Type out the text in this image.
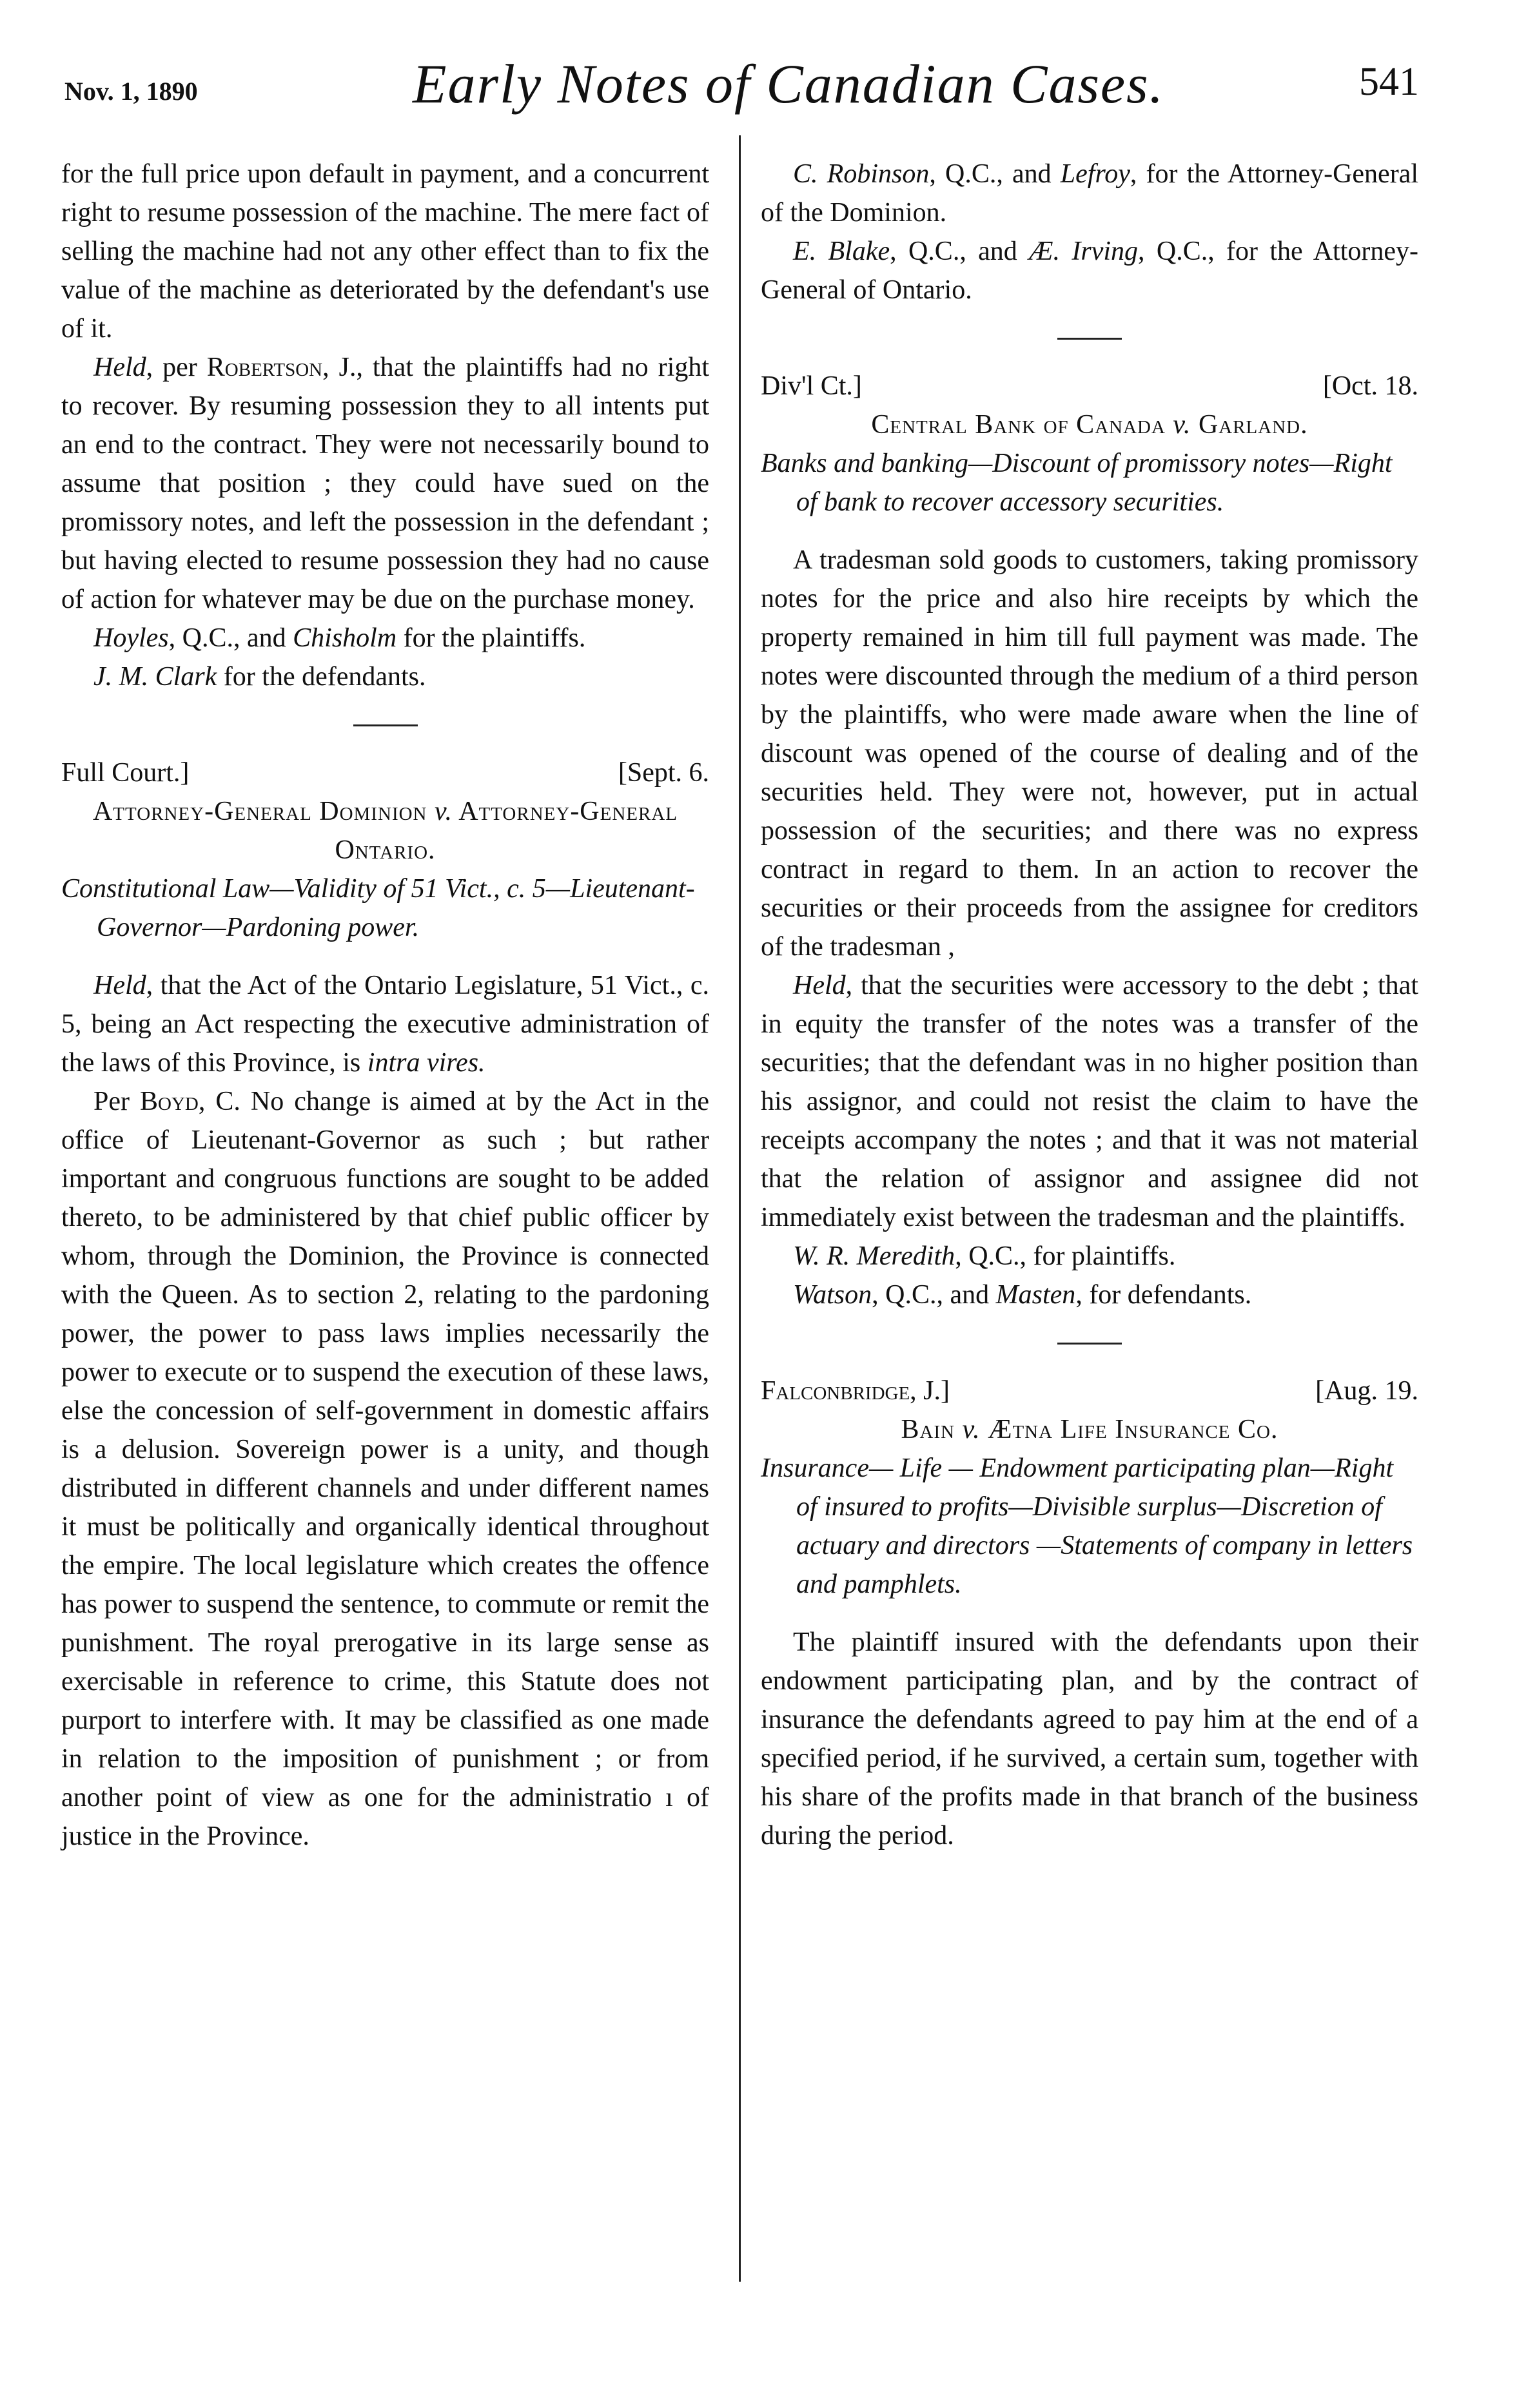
Nov. 1, 1890	Early Notes of Canadian Cases.	541

for the full price upon default in payment, and a concurrent right to resume possession of the machine. The mere fact of selling the machine had not any other effect than to fix the value of the machine as deteriorated by the defendant's use of it.

Held, per Robertson, J., that the plaintiffs had no right to recover. By resuming possession they to all intents put an end to the contract. They were not necessarily bound to assume that position ; they could have sued on the promissory notes, and left the possession in the defendant ; but having elected to resume possession they had no cause of action for whatever may be due on the purchase money.

Hoyles, Q.C., and Chisholm for the plaintiffs.

J. M. Clark for the defendants.

Full Court.]	[Sept. 6.

Attorney-General Dominion v. Attorney-General Ontario.

Constitutional Law—Validity of 51 Vict., c. 5—Lieutenant-Governor—Pardoning power.

Held, that the Act of the Ontario Legislature, 51 Vict., c. 5, being an Act respecting the executive administration of the laws of this Province, is intra vires.

Per Boyd, C. No change is aimed at by the Act in the office of Lieutenant-Governor as such ; but rather important and congruous functions are sought to be added thereto, to be administered by that chief public officer by whom, through the Dominion, the Province is connected with the Queen. As to section 2, relating to the pardoning power, the power to pass laws implies necessarily the power to execute or to suspend the execution of these laws, else the concession of self-government in domestic affairs is a delusion. Sovereign power is a unity, and though distributed in different channels and under different names it must be politically and organically identical throughout the empire. The local legislature which creates the offence has power to suspend the sentence, to commute or remit the punishment. The royal prerogative in its large sense as exercisable in reference to crime, this Statute does not purport to interfere with. It may be classified as one made in relation to the imposition of punishment ; or from another point of view as one for the administratio ı of justice in the Province.

C. Robinson, Q.C., and Lefroy, for the Attorney-General of the Dominion.

E. Blake, Q.C., and Æ. Irving, Q.C., for the Attorney-General of Ontario.

Div'l Ct.]	[Oct. 18.

Central Bank of Canada v. Garland.

Banks and banking—Discount of promissory notes—Right of bank to recover accessory securities.

A tradesman sold goods to customers, taking promissory notes for the price and also hire receipts by which the property remained in him till full payment was made. The notes were discounted through the medium of a third person by the plaintiffs, who were made aware when the line of discount was opened of the course of dealing and of the securities held. They were not, however, put in actual possession of the securities; and there was no express contract in regard to them. In an action to recover the securities or their proceeds from the assignee for creditors of the tradesman ,

Held, that the securities were accessory to the debt ; that in equity the transfer of the notes was a transfer of the securities; that the defendant was in no higher position than his assignor, and could not resist the claim to have the receipts accompany the notes ; and that it was not material that the relation of assignor and assignee did not immediately exist between the tradesman and the plaintiffs.

W. R. Meredith, Q.C., for plaintiffs.

Watson, Q.C., and Masten, for defendants.

Falconbridge, J.]	[Aug. 19.

Bain v. Ætna Life Insurance Co.

Insurance— Life — Endowment participating plan—Right of insured to profits—Divisible surplus—Discretion of actuary and directors —Statements of company in letters and pamphlets.

The plaintiff insured with the defendants upon their endowment participating plan, and by the contract of insurance the defendants agreed to pay him at the end of a specified period, if he survived, a certain sum, together with his share of the profits made in that branch of the business during the period.
